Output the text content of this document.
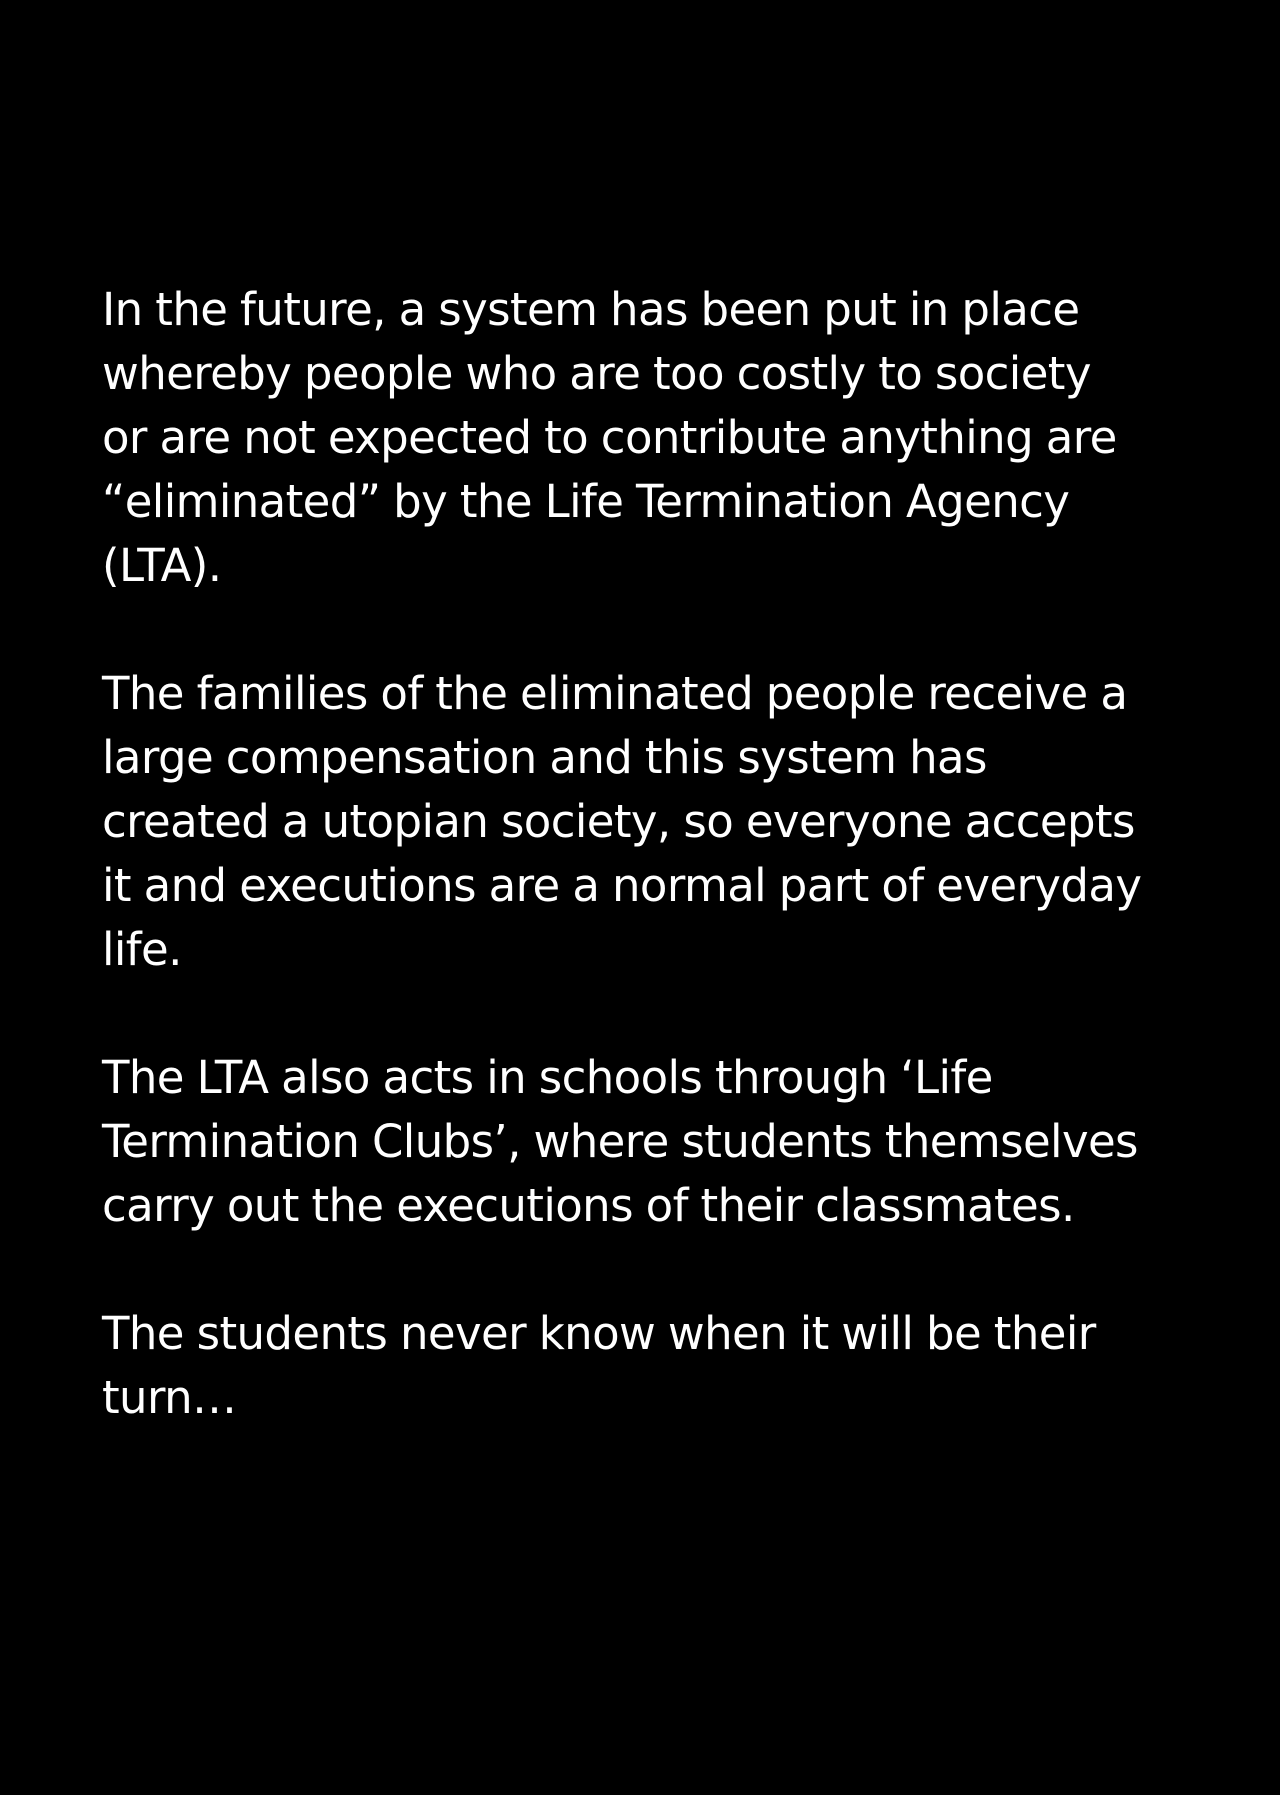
In the future, a system has been put in place
whereby people who are too costly to society
or are not expected to contribute anything are
“eliminated” by the Life Termination Agency
(LTA).

The families of the eliminated people receive a
large compensation and this system has
created a utopian society, so everyone accepts
it and executions are a normal part of everyday
life.

The LTA also acts in schools through ‘Life
Termination Clubs’, where students themselves
carry out the executions of their classmates.

The students never know when it will be their
turn…
